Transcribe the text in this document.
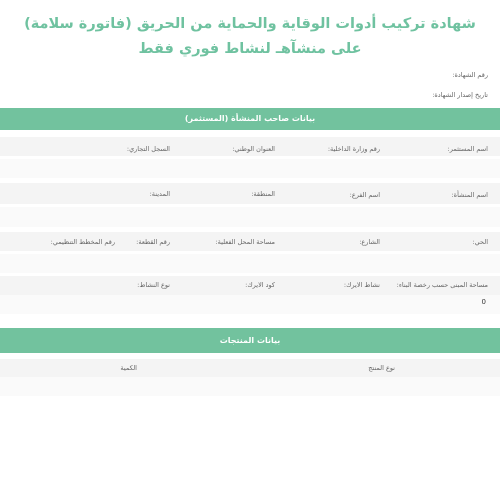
شهادة تركيب أدوات الوقاية والحماية من الحريق (فاتورة سلامة)
على منشآهـ لنشاط فوري فقط
رقم الشهادة:
تاريخ إصدار الشهادة:
بيانات صاحب المنشأة (المستثمر)
اسم المستثمر:
رقم وزارة الداخلية:
العنوان الوطني:
السجل التجاري:
اسم المنشأة:
اسم الفرع:
المنطقة:
المدينة:
الحي:
الشارع:
مساحة المحل الفعلية:
رقم القطعة:
رقم المخطط التنظيمي:
مساحة المبنى حسب رخصة البناء:
نشاط الايرك:
كود الايرك:
نوع النشاط:
0
بيانات المنتجات
نوع المنتج
الكمية
